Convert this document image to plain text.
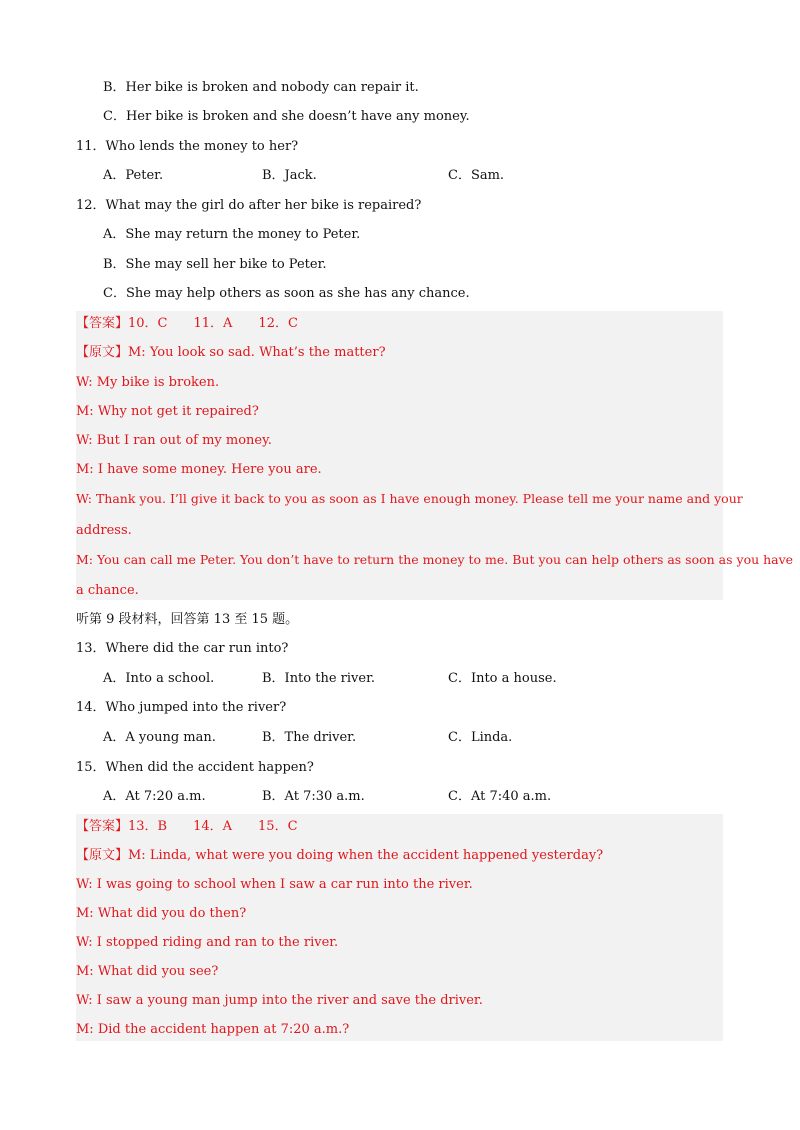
B．Her bike is broken and nobody can repair it.
C．Her bike is broken and she doesn’t have any money.
11．Who lends the money to her?
A．Peter.	B．Jack.	C．Sam.
12．What may the girl do after her bike is repaired?
A．She may return the money to Peter.
B．She may sell her bike to Peter.
C．She may help others as soon as she has any chance.
【答案】10．C　　11．A　　12．C
【原文】M: You look so sad. What’s the matter?
W: My bike is broken.
M: Why not get it repaired?
W: But I ran out of my money.
M: I have some money. Here you are.
W: Thank you. I’ll give it back to you as soon as I have enough money. Please tell me your name and your
address.
M: You can call me Peter. You don’t have to return the money to me. But you can help others as soon as you have
a chance.
听第 9 段材料，回答第 13 至 15 题。
13．Where did the car run into?
A．Into a school.	B．Into the river.	C．Into a house.
14．Who jumped into the river?
A．A young man.	B．The driver.	C．Linda.
15．When did the accident happen?
A．At 7:20 a.m.	B．At 7:30 a.m.	C．At 7:40 a.m.
【答案】13．B　　14．A　　15．C
【原文】M: Linda, what were you doing when the accident happened yesterday?
W: I was going to school when I saw a car run into the river.
M: What did you do then?
W: I stopped riding and ran to the river.
M: What did you see?
W: I saw a young man jump into the river and save the driver.
M: Did the accident happen at 7:20 a.m.?
